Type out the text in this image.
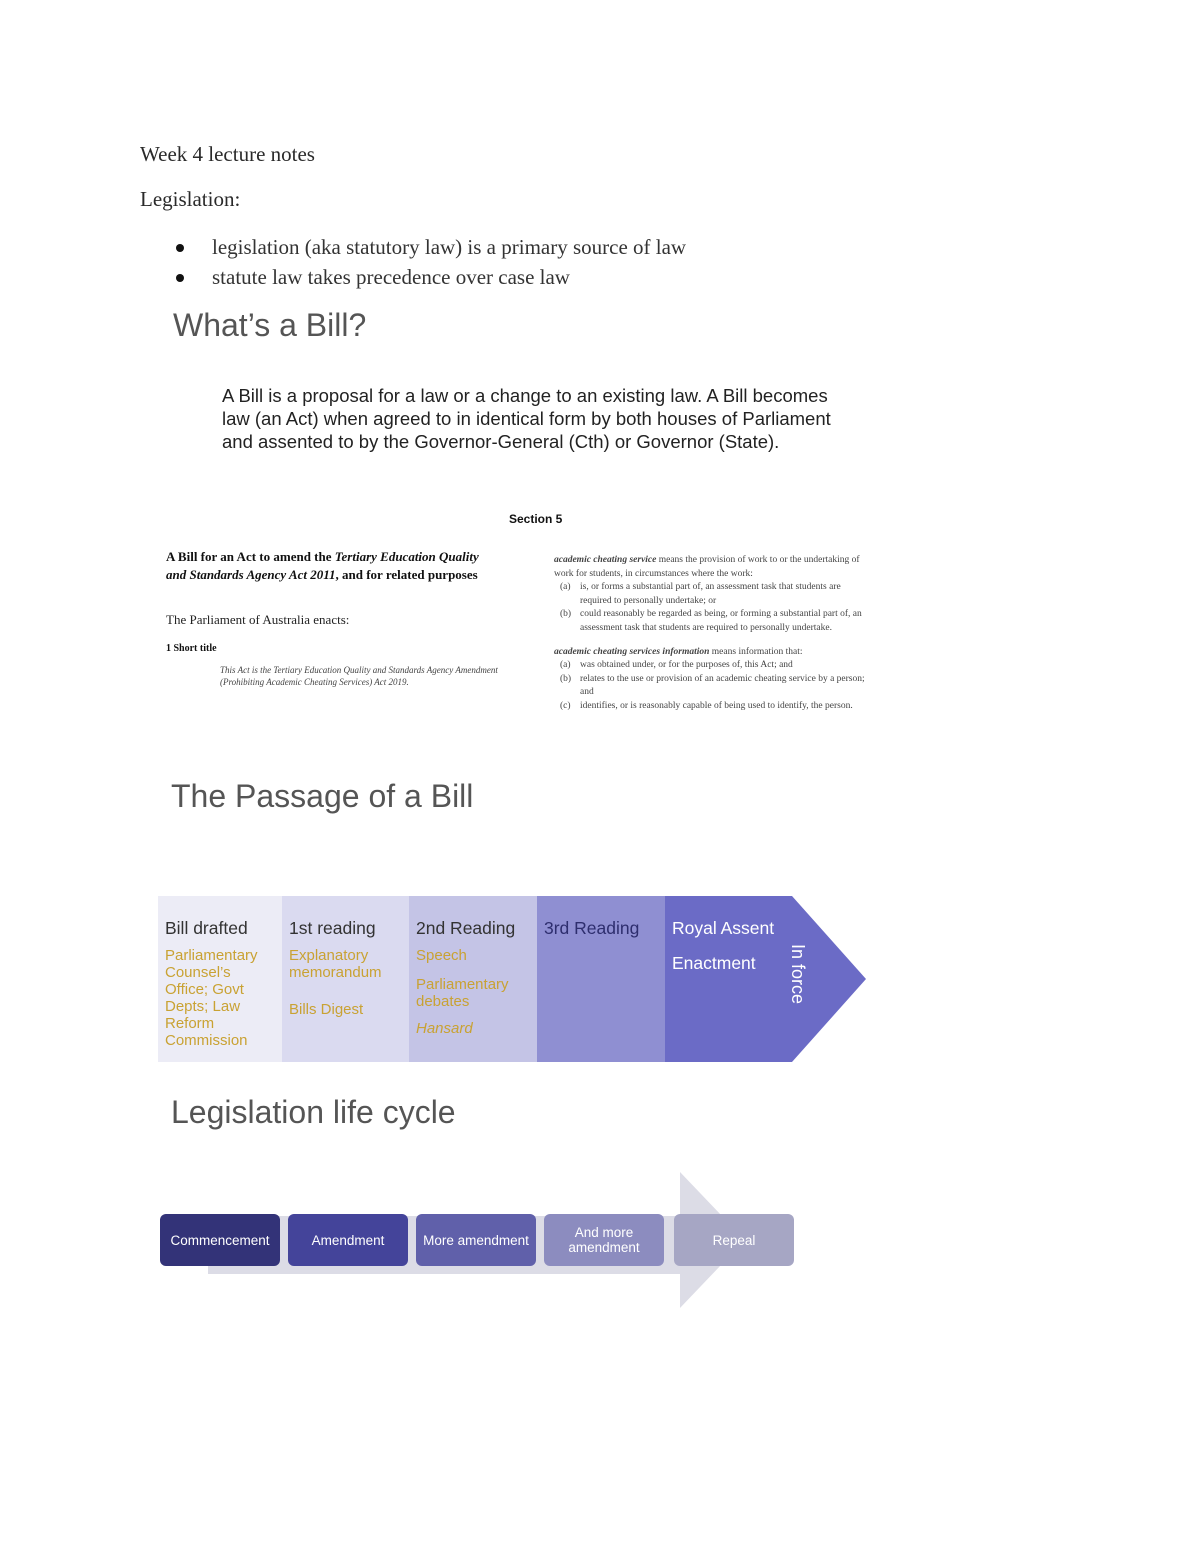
Week 4 lecture notes
Legislation:
legislation (aka statutory law) is a primary source of law
statute law takes precedence over case law
What’s a Bill?
A Bill is a proposal for a law or a change to an existing law. A Bill becomes law (an Act) when agreed to in identical form by both houses of Parliament and assented to by the Governor-General (Cth) or Governor (State).
Section 5
A Bill for an Act to amend the Tertiary Education Quality and Standards Agency Act 2011, and for related purposes
The Parliament of Australia enacts:
1 Short title
This Act is the Tertiary Education Quality and Standards Agency Amendment (Prohibiting Academic Cheating Services) Act 2019.
academic cheating service means the provision of work to or the undertaking of work for students, in circumstances where the work:
(a) is, or forms a substantial part of, an assessment task that students are required to personally undertake; or
(b) could reasonably be regarded as being, or forming a substantial part of, an assessment task that students are required to personally undertake.
academic cheating services information means information that:
(a) was obtained under, or for the purposes of, this Act; and
(b) relates to the use or provision of an academic cheating service by a person; and
(c) identifies, or is reasonably capable of being used to identify, the person.
The Passage of a Bill
Bill drafted
Parliamentary Counsel’s Office; Govt Depts; Law Reform Commission
1st reading
Explanatory memorandum
Bills Digest
2nd Reading
Speech
Parliamentary debates
Hansard
3rd Reading	Royal Assent
Enactment	In force
Legislation life cycle
Commencement	Amendment	More amendment	And more amendment	Repeal
